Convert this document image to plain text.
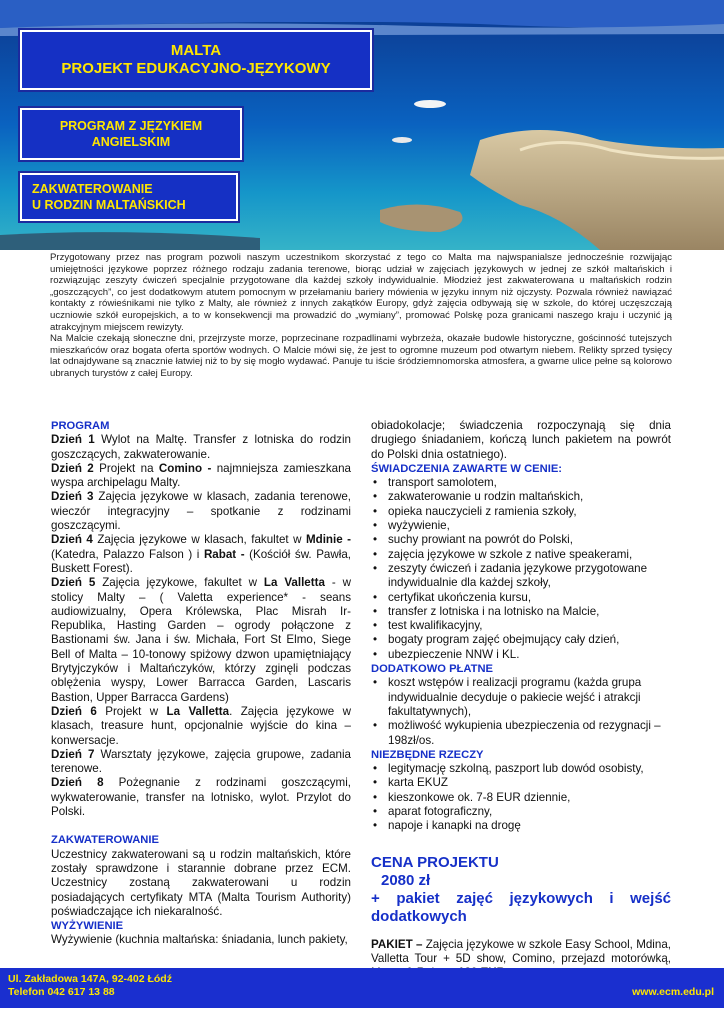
MALTA
PROJEKT EDUKACYJNO-JĘZYKOWY
PROGRAM Z JĘZYKIEM
ANGIELSKIM
ZAKWATEROWANIE
U RODZIN MALTAŃSKICH

Przygotowany przez nas program pozwoli naszym uczestnikom skorzystać z tego co Malta ma najwspanialsze jednocześnie rozwijając umiejętności językowe poprzez różnego rodzaju zadania terenowe, biorąc udział w zajęciach językowych w jednej ze szkół maltańskich i rozwiązując zeszyty ćwiczeń specjalnie przygotowane dla każdej szkoły indywidualnie. Młodzież jest zakwaterowana u maltańskich rodzin „goszczących”, co jest dodatkowym atutem pomocnym w przełamaniu bariery mówienia w języku innym niż ojczysty. Pozwala również nawiązać kontakty z rówieśnikami nie tylko z Malty, ale również z innych zakątków Europy, gdyż zajęcia odbywają się w szkole, do której uczęszczają uczniowie szkół europejskich, a to w konsekwencji ma prowadzić do „wymiany”, promować Polskę poza granicami naszego kraju i uczynić ją atrakcyjnym miejscem rewizyty.

Na Malcie czekają słoneczne dni, przejrzyste morze, poprzecinane rozpadlinami wybrzeża, okazałe budowle historyczne, gościnność tutejszych mieszkańców oraz bogata oferta sportów wodnych. O Malcie mówi się, że jest to ogromne muzeum pod otwartym niebem. Relikty sprzed tysięcy lat odnajdywane są znacznie łatwiej niż to by się mogło wydawać. Panuje tu iście śródziemnomorska atmosfera, a gwarne ulice pełne są kolorowo ubranych turystów z całej Europy.

PROGRAM

Dzień 1 Wylot na Maltę. Transfer z lotniska do rodzin goszczących, zakwaterowanie.

Dzień 2 Projekt na Comino - najmniejsza zamieszkana wyspa archipelagu Malty.

Dzień 3 Zajęcia językowe w klasach, zadania terenowe, wieczór integracyjny – spotkanie z rodzinami goszczącymi.

Dzień 4 Zajęcia językowe w klasach, fakultet w Mdinie - (Katedra, Palazzo Falson ) i Rabat - (Kościół św. Pawła, Buskett Forest).

Dzień 5 Zajęcia językowe, fakultet w La Valletta - w stolicy Malty – ( Valetta experience* - seans audiowizualny, Opera Królewska, Plac Misrah Ir-Republika, Hasting Garden – ogrody połączone z Bastionami św. Jana i św. Michała, Fort St Elmo, Siege Bell of Malta – 10-tonowy spiżowy dzwon upamiętniający Brytyjczyków i Maltańczyków, którzy zginęli podczas oblężenia wyspy, Lower Barracca Garden, Lascaris Bastion, Upper Barracca Gardens)

Dzień 6 Projekt w La Valletta. Zajęcia językowe w klasach, treasure hunt, opcjonalnie wyjście do kina – konwersacje.

Dzień 7 Warsztaty językowe, zajęcia grupowe, zadania terenowe.

Dzień 8 Pożegnanie z rodzinami goszczącymi, wykwaterowanie, transfer na lotnisko, wylot. Przylot do Polski.

ZAKWATEROWANIE

Uczestnicy zakwaterowani są u rodzin maltańskich, które zostały sprawdzone i starannie dobrane przez ECM. Uczestnicy zostaną zakwaterowani u rodzin posiadających certyfikaty MTA (Malta Tourism Authority) poświadczające ich niekaralność.

WYŻYWIENIE

Wyżywienie (kuchnia maltańska: śniadania, lunch pakiety,

obiadokolacje; świadczenia rozpoczynają się dnia drugiego śniadaniem, kończą lunch pakietem na powrót do Polski dnia ostatniego).

ŚWIADCZENIA ZAWARTE W CENIE:
• transport samolotem,
• zakwaterowanie u rodzin maltańskich,
• opieka nauczycieli z ramienia szkoły,
• wyżywienie,
• suchy prowiant na powrót do Polski,
• zajęcia językowe w szkole z native speakerami,
• zeszyty ćwiczeń i zadania językowe przygotowane indywidualnie dla każdej szkoły,
• certyfikat ukończenia kursu,
• transfer z lotniska i na lotnisko na Malcie,
• test kwalifikacyjny,
• bogaty program zajęć obejmujący cały dzień,
• ubezpieczenie NNW i KL.
DODATKOWO PŁATNE
• koszt wstępów i realizacji programu (każda grupa indywidualnie decyduje o pakiecie wejść i atrakcji fakultatywnych),
• możliwość wykupienia ubezpieczenia od rezygnacji – 198zł/os.
NIEZBĘDNE RZECZY
• legitymację szkolną, paszport lub dowód osobisty,
• karta EKUZ
• kieszonkowe ok. 7-8 EUR dziennie,
• aparat fotograficzny,
• napoje i kanapki na drogę
CENA PROJEKTU
2080 zł
+ pakiet zajęć językowych i wejść dodatkowych

PAKIET – Zajęcia językowe w szkole Easy School, Mdina, Valletta Tour + 5D show, Comino, przejazd motorówką,

Ul. Zakładowa 147A, 92-402 Łódź
Telefon 042 617 13 88	www.ecm.edu.pl
